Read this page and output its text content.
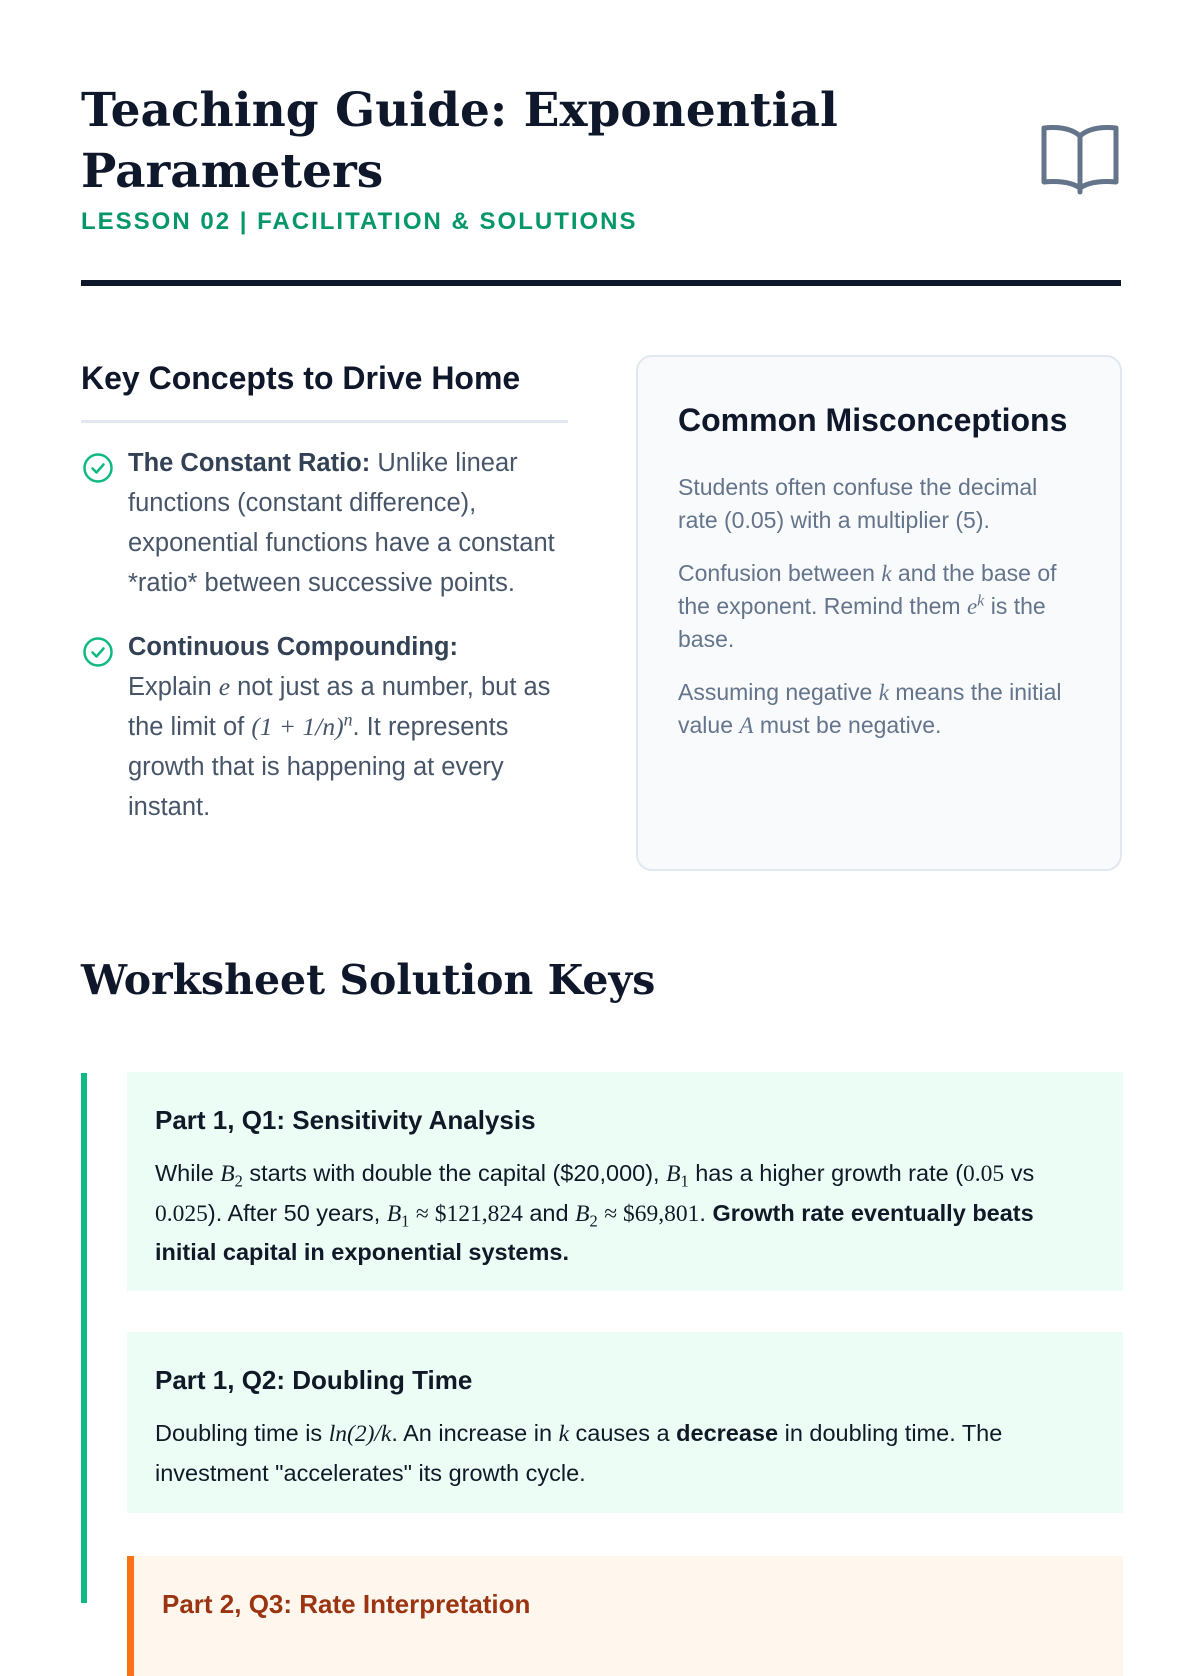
Teaching Guide: Exponential Parameters
LESSON 02 | FACILITATION & SOLUTIONS
Key Concepts to Drive Home
The Constant Ratio: Unlike linear functions (constant difference), exponential functions have a constant *ratio* between successive points.
Continuous Compounding:
Explain e not just as a number, but as the limit of $(1 + 1/n)^n$. It represents growth that is happening at every instant.
Common Misconceptions

Students often confuse the decimal rate (0.05) with a multiplier (5).

Confusion between k and the base of the exponent. Remind them $e^k$ is the base.

Assuming negative k means the initial value A must be negative.

Worksheet Solution Keys
Part 1, Q1: Sensitivity Analysis

While $B_2$ starts with double the capital ($20,000), $B_1$ has a higher growth rate (0.05 vs 0.025). After 50 years, $B_1$ ≈ $121,824 and $B_2$ ≈ $69,801. Growth rate eventually beats initial capital in exponential systems.

Part 1, Q2: Doubling Time

Doubling time is ln(2)/k. An increase in k causes a decrease in doubling time. The investment "accelerates" its growth cycle.

Part 2, Q3: Rate Interpretation
